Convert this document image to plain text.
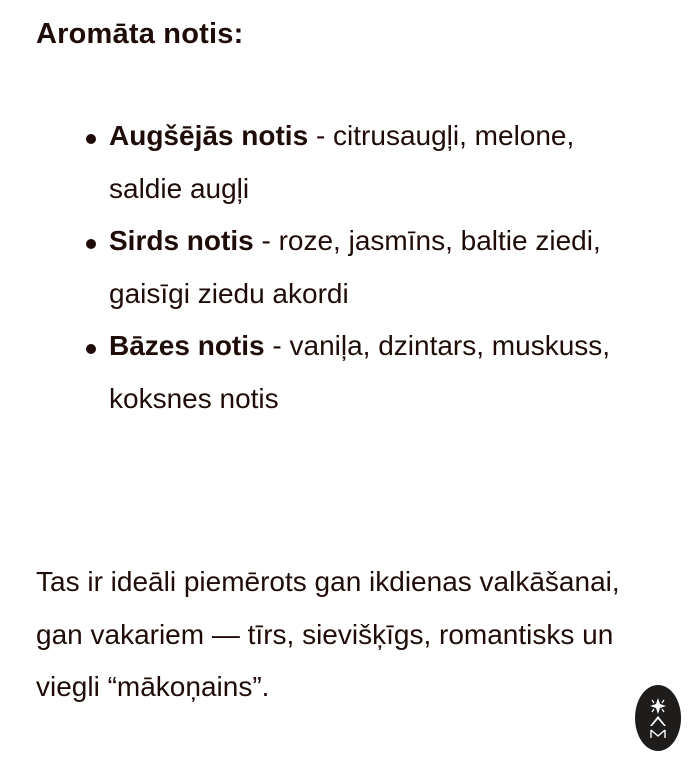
Aromāta notis:
Augšējās notis - citrusaugļi, melone, saldie augļi
Sirds notis - roze, jasmīns, baltie ziedi, gaisīgi ziedu akordi
Bāzes notis - vaniļa, dzintars, muskuss, koksnes notis

Tas ir ideāli piemērots gan ikdienas valkāšanai, gan vakariem — tīrs, sievišķīgs, romantisks un viegli “mākoņains”.
